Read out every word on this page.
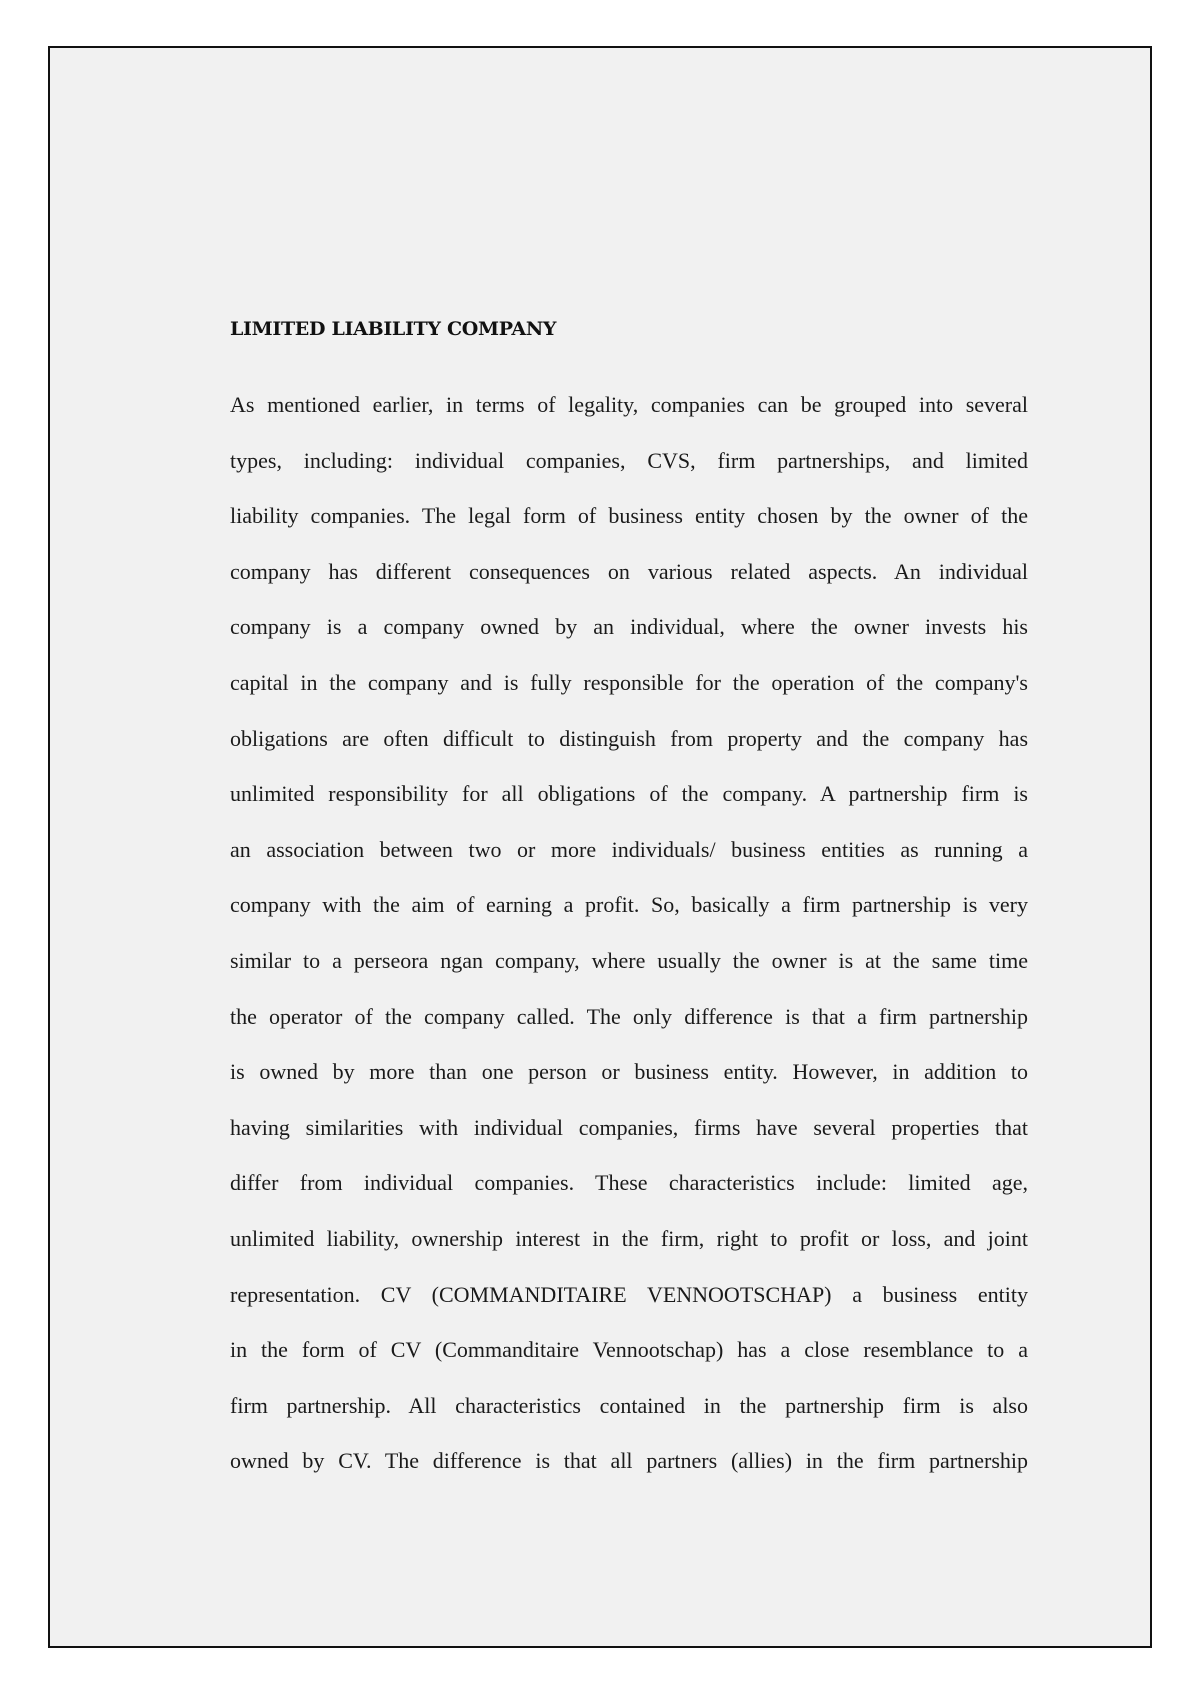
LIMITED LIABILITY COMPANY
As mentioned earlier, in terms of legality, companies can be grouped into several
types, including: individual companies, CVS, firm partnerships, and limited
liability companies. The legal form of business entity chosen by the owner of the
company has different consequences on various related aspects. An individual
company is a company owned by an individual, where the owner invests his
capital in the company and is fully responsible for the operation of the company's
obligations are often difficult to distinguish from property and the company has
unlimited responsibility for all obligations of the company. A partnership firm is
an association between two or more individuals/ business entities as running a
company with the aim of earning a profit. So, basically a firm partnership is very
similar to a perseora ngan company, where usually the owner is at the same time
the operator of the company called. The only difference is that a firm partnership
is owned by more than one person or business entity. However, in addition to
having similarities with individual companies, firms have several properties that
differ from individual companies. These characteristics include: limited age,
unlimited liability, ownership interest in the firm, right to profit or loss, and joint
representation. CV (COMMANDITAIRE VENNOOTSCHAP) a business entity
in the form of CV (Commanditaire Vennootschap) has a close resemblance to a
firm partnership. All characteristics contained in the partnership firm is also
owned by CV. The difference is that all partners (allies) in the firm partnership
